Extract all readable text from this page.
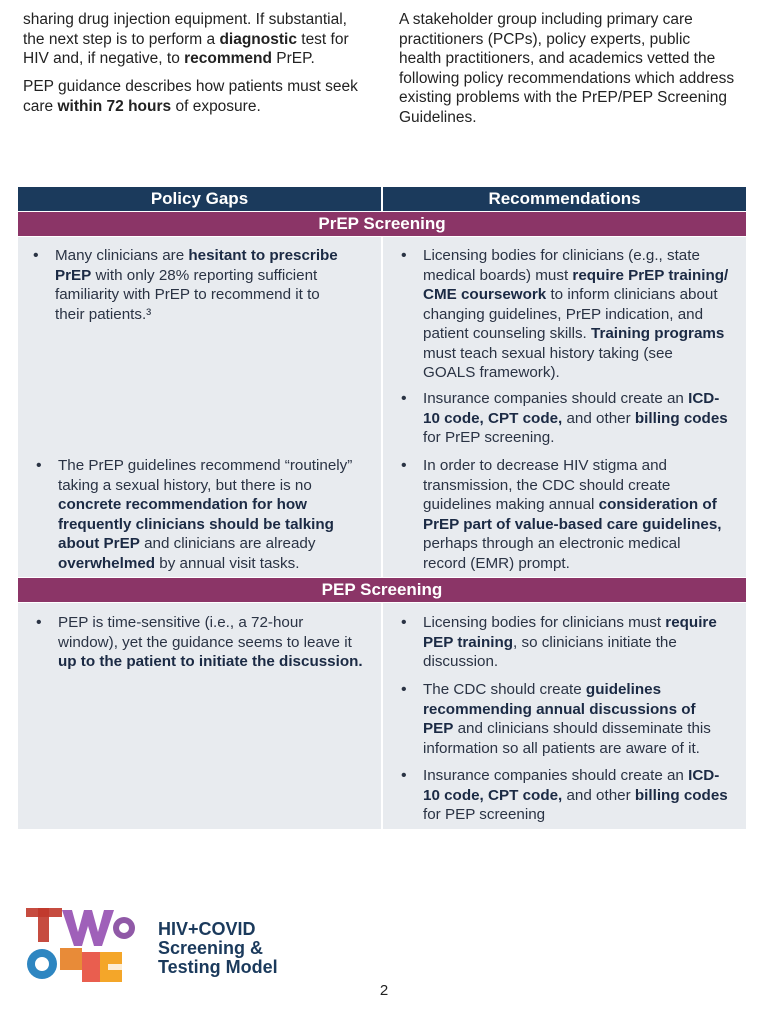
sharing drug injection equipment. If substantial,
the next step is to perform a diagnostic test for
HIV and, if negative, to recommend PrEP.

PEP guidance describes how patients must seek
care within 72 hours of exposure.

A stakeholder group including primary care
practitioners (PCPs), policy experts, public
health practitioners, and academics vetted the
following policy recommendations which address
existing problems with the PrEP/PEP Screening
Guidelines.

Policy Gaps	Recommendations
PrEP Screening
• Many clinicians are hesitant to prescribe
PrEP with only 28% reporting sufficient
familiarity with PrEP to recommend it to
their patients.³
• The PrEP guidelines recommend “routinely”
taking a sexual history, but there is no
concrete recommendation for how
frequently clinicians should be talking
about PrEP and clinicians are already
overwhelmed by annual visit tasks.
• Licensing bodies for clinicians (e.g., state
medical boards) must require PrEP training/
CME coursework to inform clinicians about
changing guidelines, PrEP indication, and
patient counseling skills. Training programs
must teach sexual history taking (see
GOALS framework).
• Insurance companies should create an ICD-
10 code, CPT code, and other billing codes
for PrEP screening.
• In order to decrease HIV stigma and
transmission, the CDC should create
guidelines making annual consideration of
PrEP part of value-based care guidelines,
perhaps through an electronic medical
record (EMR) prompt.
PEP Screening
• PEP is time-sensitive (i.e., a 72-hour
window), yet the guidance seems to leave it
up to the patient to initiate the discussion.
• Licensing bodies for clinicians must require
PEP training, so clinicians initiate the
discussion.
• The CDC should create guidelines
recommending annual discussions of
PEP and clinicians should disseminate this
information so all patients are aware of it.
• Insurance companies should create an ICD-
10 code, CPT code, and other billing codes
for PEP screening

HIV+COVID
Screening &
Testing Model

2
